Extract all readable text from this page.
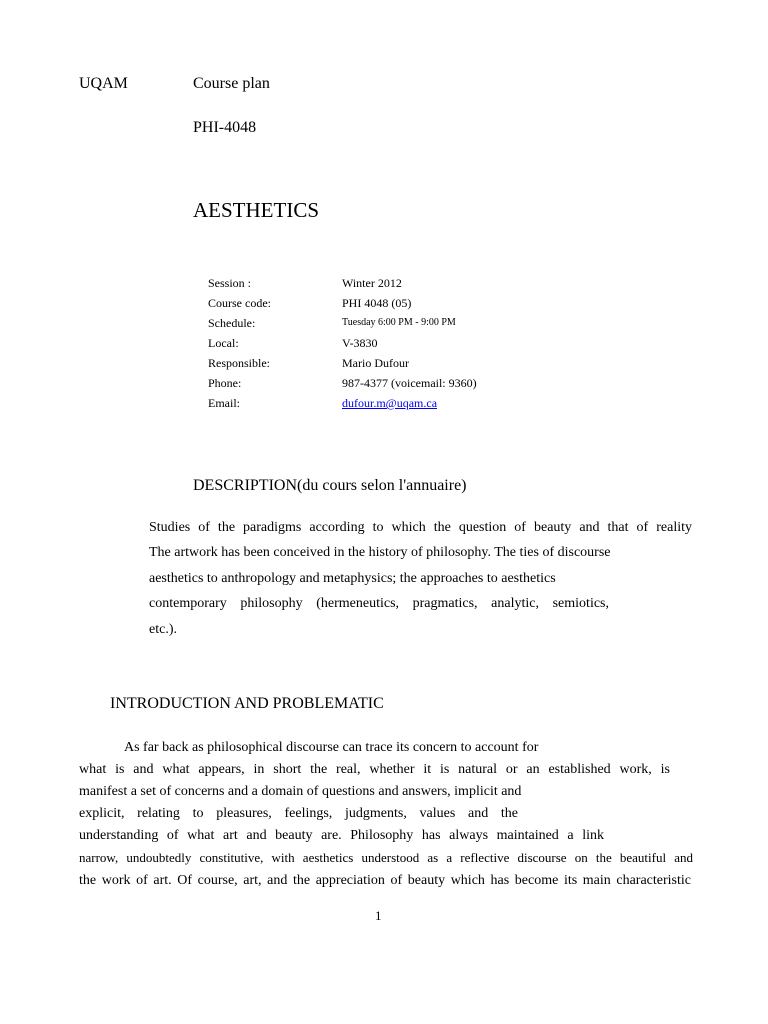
UQAM	Course plan
PHI-4048
AESTHETICS
Session :	Winter 2012
Course code:	PHI 4048 (05)
Schedule:	Tuesday 6:00 PM - 9:00 PM
Local:	V-3830
Responsible:	Mario Dufour
Phone:	987-4377 (voicemail: 9360)
Email:	dufour.m@uqam.ca
DESCRIPTION(du cours selon l'annuaire)
Studies of the paradigms according to which the question of beauty and that of reality
The artwork has been conceived in the history of philosophy. The ties of discourse
aesthetics to anthropology and metaphysics; the approaches to aesthetics
contemporary philosophy (hermeneutics, pragmatics, analytic, semiotics,
etc.).
INTRODUCTION AND PROBLEMATIC
As far back as philosophical discourse can trace its concern to account for
what is and what appears, in short the real, whether it is natural or an established work, is
manifest a set of concerns and a domain of questions and answers, implicit and
explicit, relating to pleasures, feelings, judgments, values and the
understanding of what art and beauty are. Philosophy has always maintained a link
narrow, undoubtedly constitutive, with aesthetics understood as a reflective discourse on the beautiful and
the work of art. Of course, art, and the appreciation of beauty which has become its main characteristic
1
